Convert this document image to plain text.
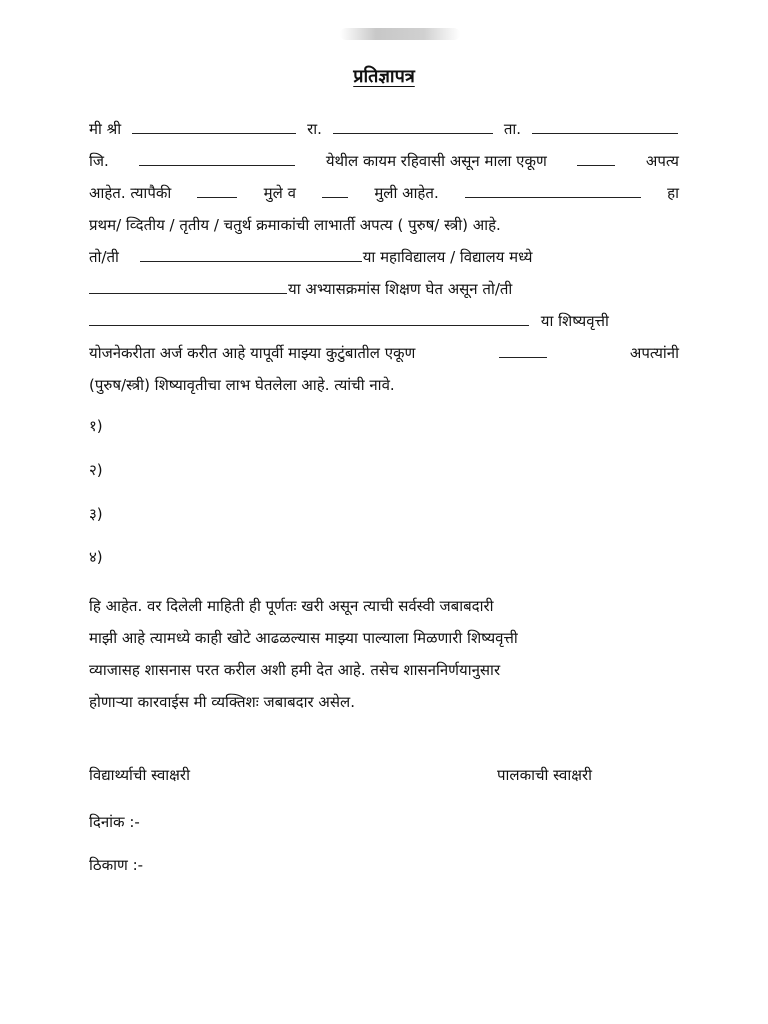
प्रतिज्ञापत्र
मी श्री	रा.	ता.
जि.	येथील कायम रहिवासी असून माला एकूण	अपत्य
आहेत. त्यापैकी	मुले व	मुली आहेत.	हा
प्रथम/ व्दितीय / तृतीय / चतुर्थ क्रमाकांची लाभार्ती अपत्य ( पुरुष/ स्त्री) आहे.
तो/ती	या महाविद्यालय / विद्यालय मध्ये
या अभ्यासक्रमांस शिक्षण घेत असून तो/ती
या शिष्यवृत्ती
योजनेकरीता अर्ज करीत आहे यापूर्वी माझ्या कुटुंबातील एकूण	अपत्यांनी
(पुरुष/स्त्री) शिष्यावृतीचा लाभ घेतलेला आहे. त्यांची नावे.
१)
२)
३)
४)
हि आहेत. वर दिलेली माहिती ही पूर्णतः खरी असून त्याची सर्वस्वी जबाबदारी
माझी आहे त्यामध्ये काही खोटे आढळल्यास माझ्या पाल्याला मिळणारी शिष्यवृत्ती
व्याजासह शासनास परत करील अशी हमी देत आहे. तसेच शासननिर्णयानुसार
होणाऱ्या कारवाईस मी व्यक्तिशः जबाबदार असेल.
विद्यार्थ्याची स्वाक्षरी	पालकाची स्वाक्षरी
दिनांक :-
ठिकाण :-
